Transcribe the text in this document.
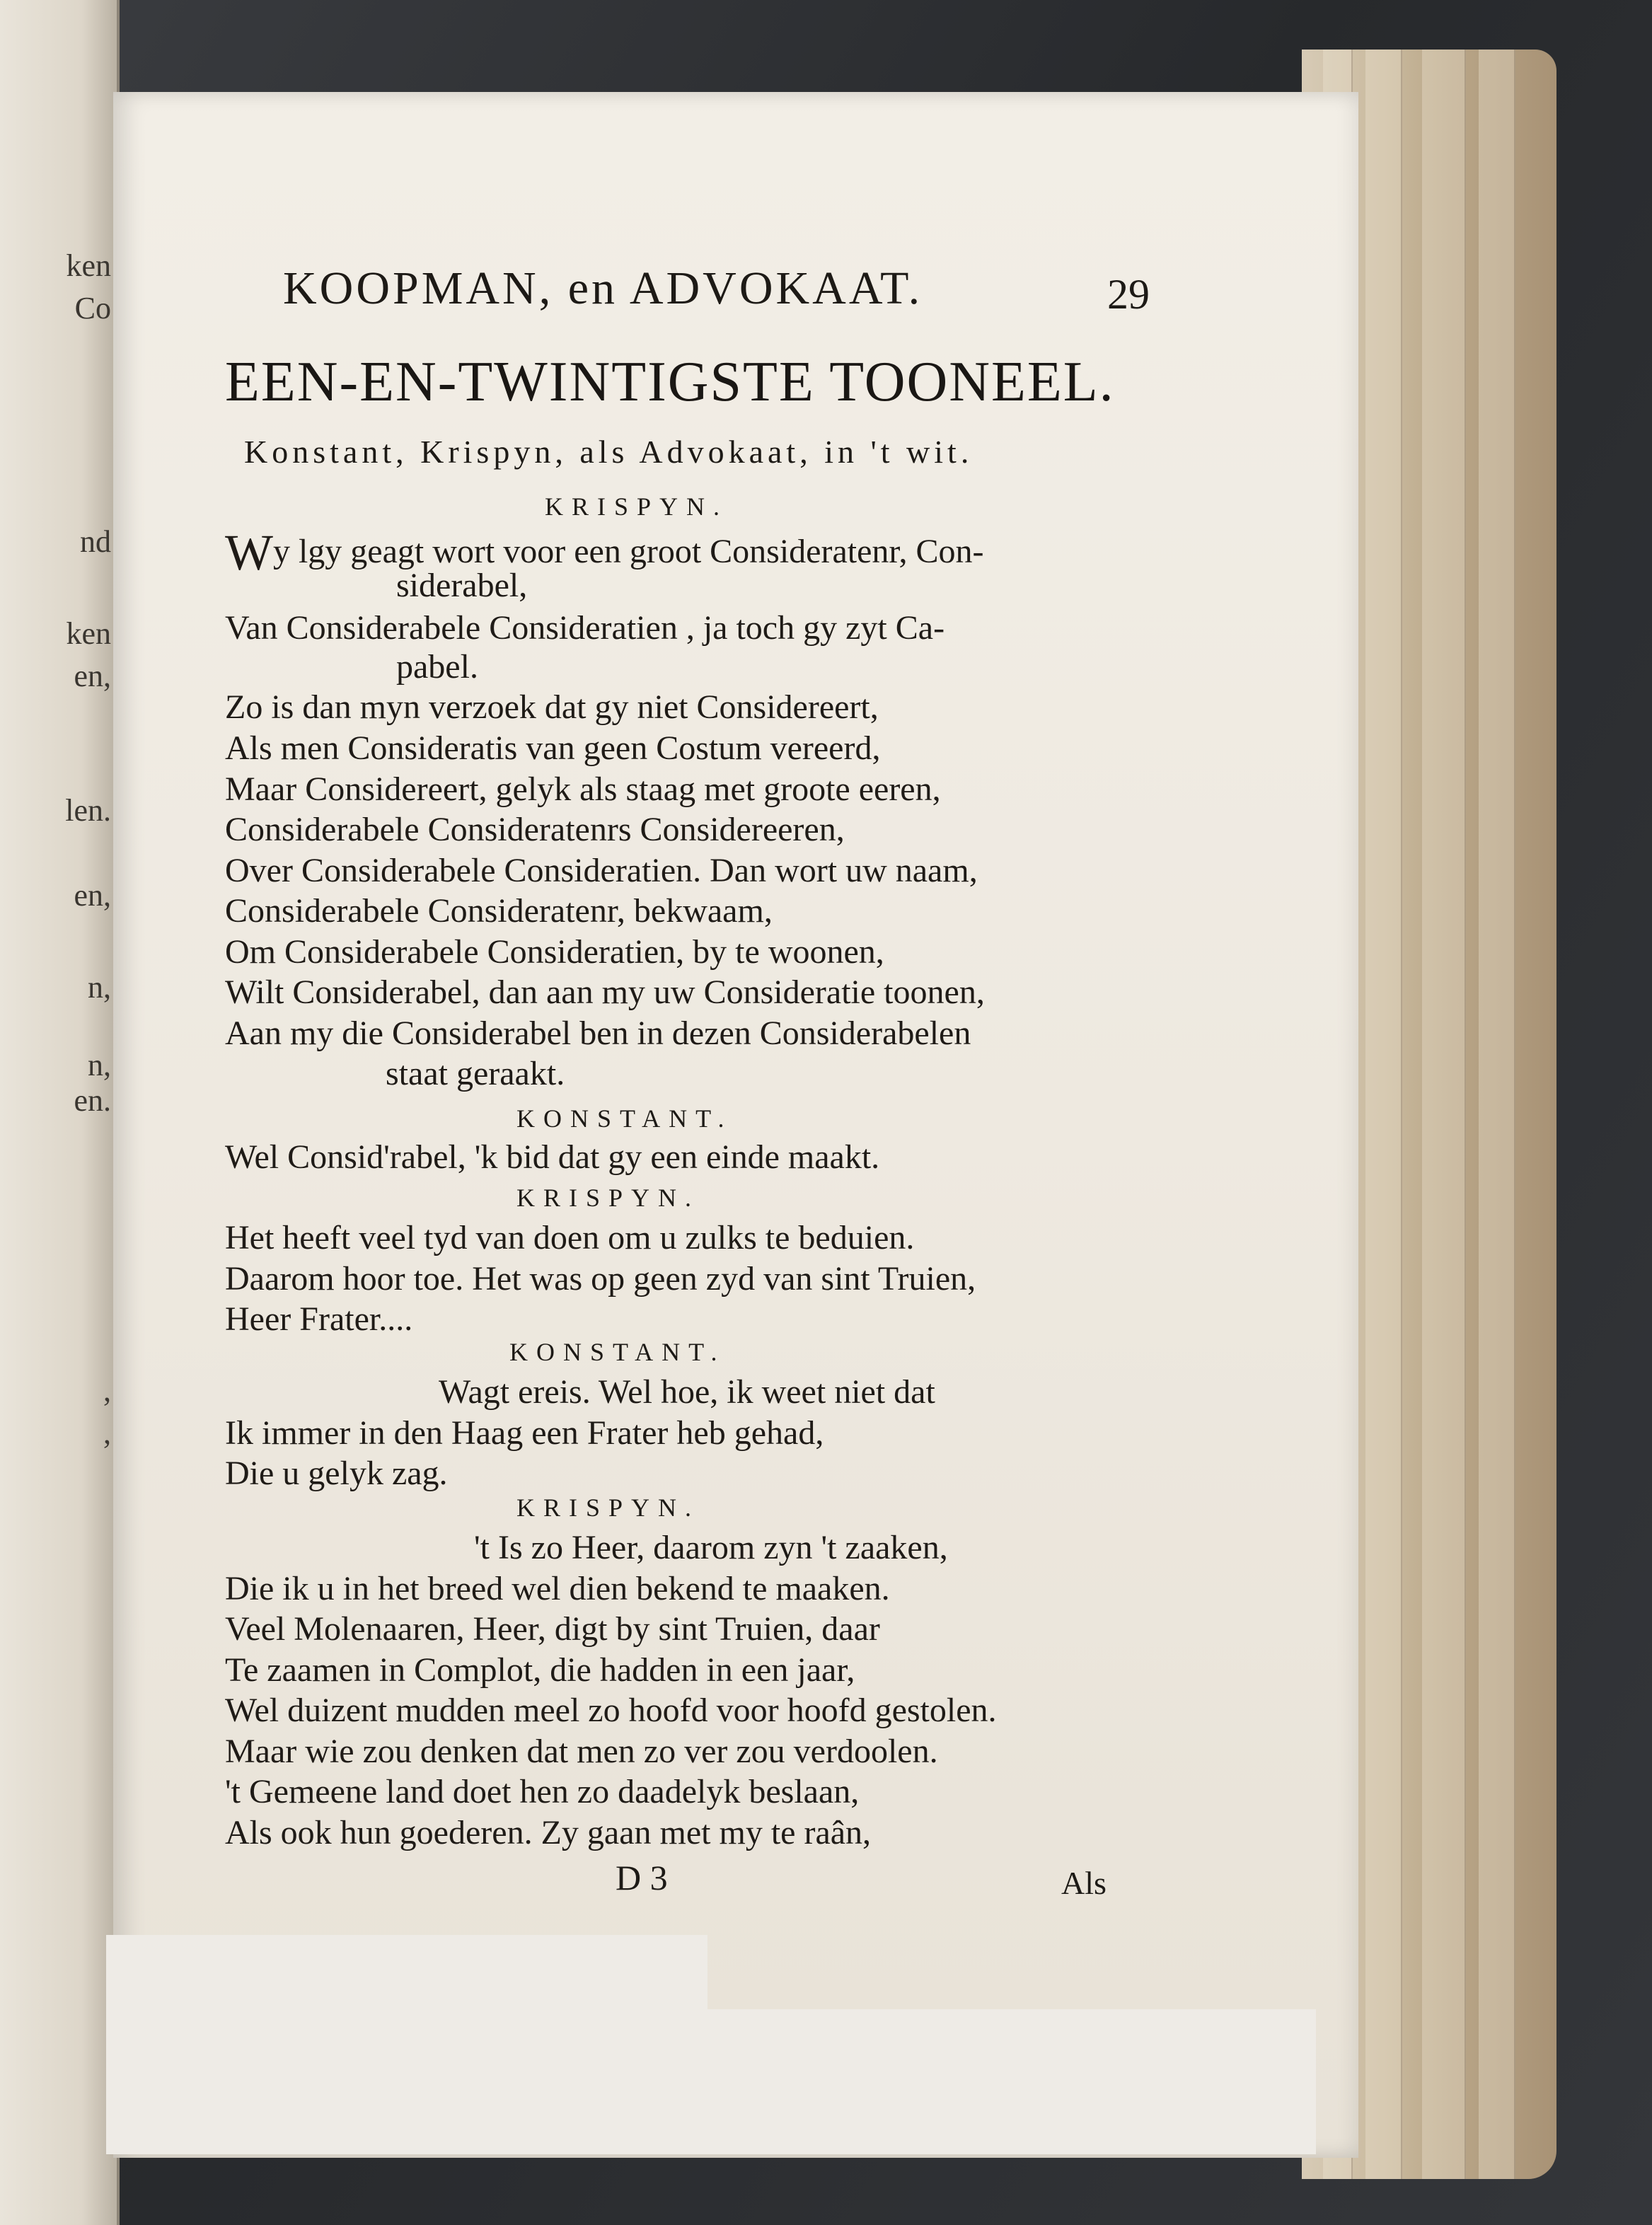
ken
Co
nd
ken
en,
len.
en,
n,
n,
en.
,
,
KOOPMAN, en ADVOKAAT.	29
EEN-EN-TWINTIGSTE TOONEEL.
Konstant, Krispyn, als Advokaat, in 't wit.
KRISPYN.
Wy lgy geagt wort voor een groot Consideratenr, Con-
siderabel,
Van Considerabele Consideratien , ja toch gy zyt Ca-
pabel.
Zo is dan myn verzoek dat gy niet Considereert,
Als men Consideratis van geen Costum vereerd,
Maar Considereert, gelyk als staag met groote eeren,
Considerabele Consideratenrs Considereeren,
Over Considerabele Consideratien. Dan wort uw naam,
Considerabele Consideratenr, bekwaam,
Om Considerabele Consideratien, by te woonen,
Wilt Considerabel, dan aan my uw Consideratie toonen,
Aan my die Considerabel ben in dezen Considerabelen
staat geraakt.
KONSTANT.
Wel Consid'rabel, 'k bid dat gy een einde maakt.
KRISPYN.
Het heeft veel tyd van doen om u zulks te beduien.
Daarom hoor toe. Het was op geen zyd van sint Truien,
Heer Frater....
KONSTANT.
Wagt ereis. Wel hoe, ik weet niet dat
Ik immer in den Haag een Frater heb gehad,
Die u gelyk zag.
KRISPYN.
't Is zo Heer, daarom zyn 't zaaken,
Die ik u in het breed wel dien bekend te maaken.
Veel Molenaaren, Heer, digt by sint Truien, daar
Te zaamen in Complot, die hadden in een jaar,
Wel duizent mudden meel zo hoofd voor hoofd gestolen.
Maar wie zou denken dat men zo ver zou verdoolen.
't Gemeene land doet hen zo daadelyk beslaan,
Als ook hun goederen. Zy gaan met my te raân,
D 3	Als
